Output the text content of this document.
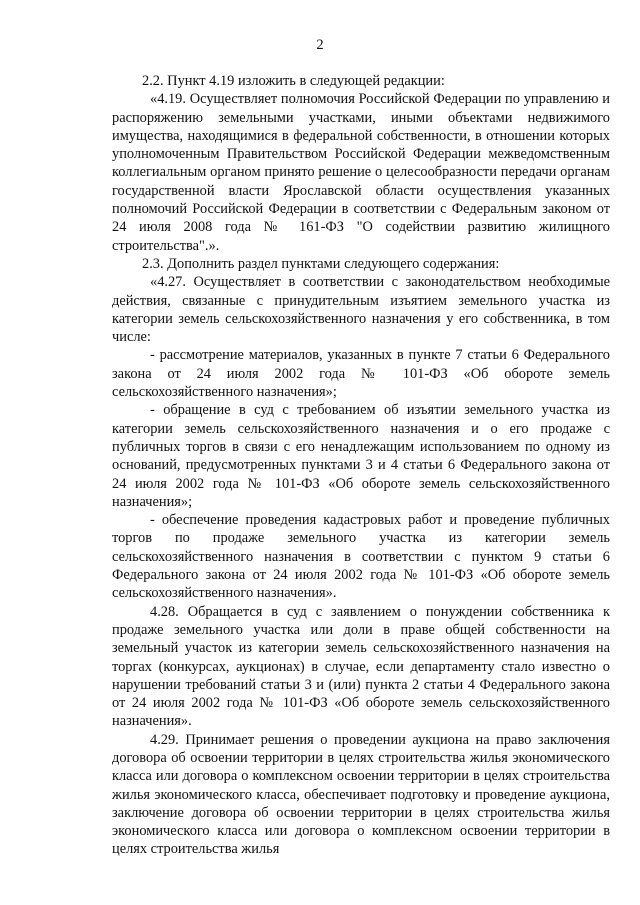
2

2.2. Пункт 4.19 изложить в следующей редакции:

«4.19. Осуществляет полномочия Российской Федерации по управлению и распоряжению земельными участками, иными объектами недвижимого имущества, находящимися в федеральной собственности, в отношении которых уполномоченным Правительством Российской Федерации межведомственным коллегиальным органом принято решение о целесообразности передачи органам государственной власти Ярославской области осуществления указанных полномочий Российской Федерации в соответствии с Федеральным законом от 24 июля 2008 года № 161-ФЗ "О содействии развитию жилищного строительства".».

2.3. Дополнить раздел пунктами следующего содержания:

«4.27. Осуществляет в соответствии с законодательством необходимые действия, связанные с принудительным изъятием земельного участка из категории земель сельскохозяйственного назначения у его собственника, в том числе:

- рассмотрение материалов, указанных в пункте 7 статьи 6 Федерального закона от 24 июля 2002 года № 101-ФЗ «Об обороте земель сельскохозяйственного назначения»;

- обращение в суд с требованием об изъятии земельного участка из категории земель сельскохозяйственного назначения и о его продаже с публичных торгов в связи с его ненадлежащим использованием по одному из оснований, предусмотренных пунктами 3 и 4 статьи 6 Федерального закона от 24 июля 2002 года № 101-ФЗ «Об обороте земель сельскохозяйственного назначения»;

- обеспечение проведения кадастровых работ и проведение публичных торгов по продаже земельного участка из категории земель сельскохозяйственного назначения в соответствии с пунктом 9 статьи 6 Федерального закона от 24 июля 2002 года № 101-ФЗ «Об обороте земель сельскохозяйственного назначения».

4.28. Обращается в суд с заявлением о понуждении собственника к продаже земельного участка или доли в праве общей собственности на земельный участок из категории земель сельскохозяйственного назначения на торгах (конкурсах, аукционах) в случае, если департаменту стало известно о нарушении требований статьи 3 и (или) пункта 2 статьи 4 Федерального закона от 24 июля 2002 года № 101-ФЗ «Об обороте земель сельскохозяйственного назначения».

4.29. Принимает решения о проведении аукциона на право заключения договора об освоении территории в целях строительства жилья экономического класса или договора о комплексном освоении территории в целях строительства жилья экономического класса, обеспечивает подготовку и проведение аукциона, заключение договора об освоении территории в целях строительства жилья экономического класса или договора о комплексном освоении территории в целях строительства жилья
